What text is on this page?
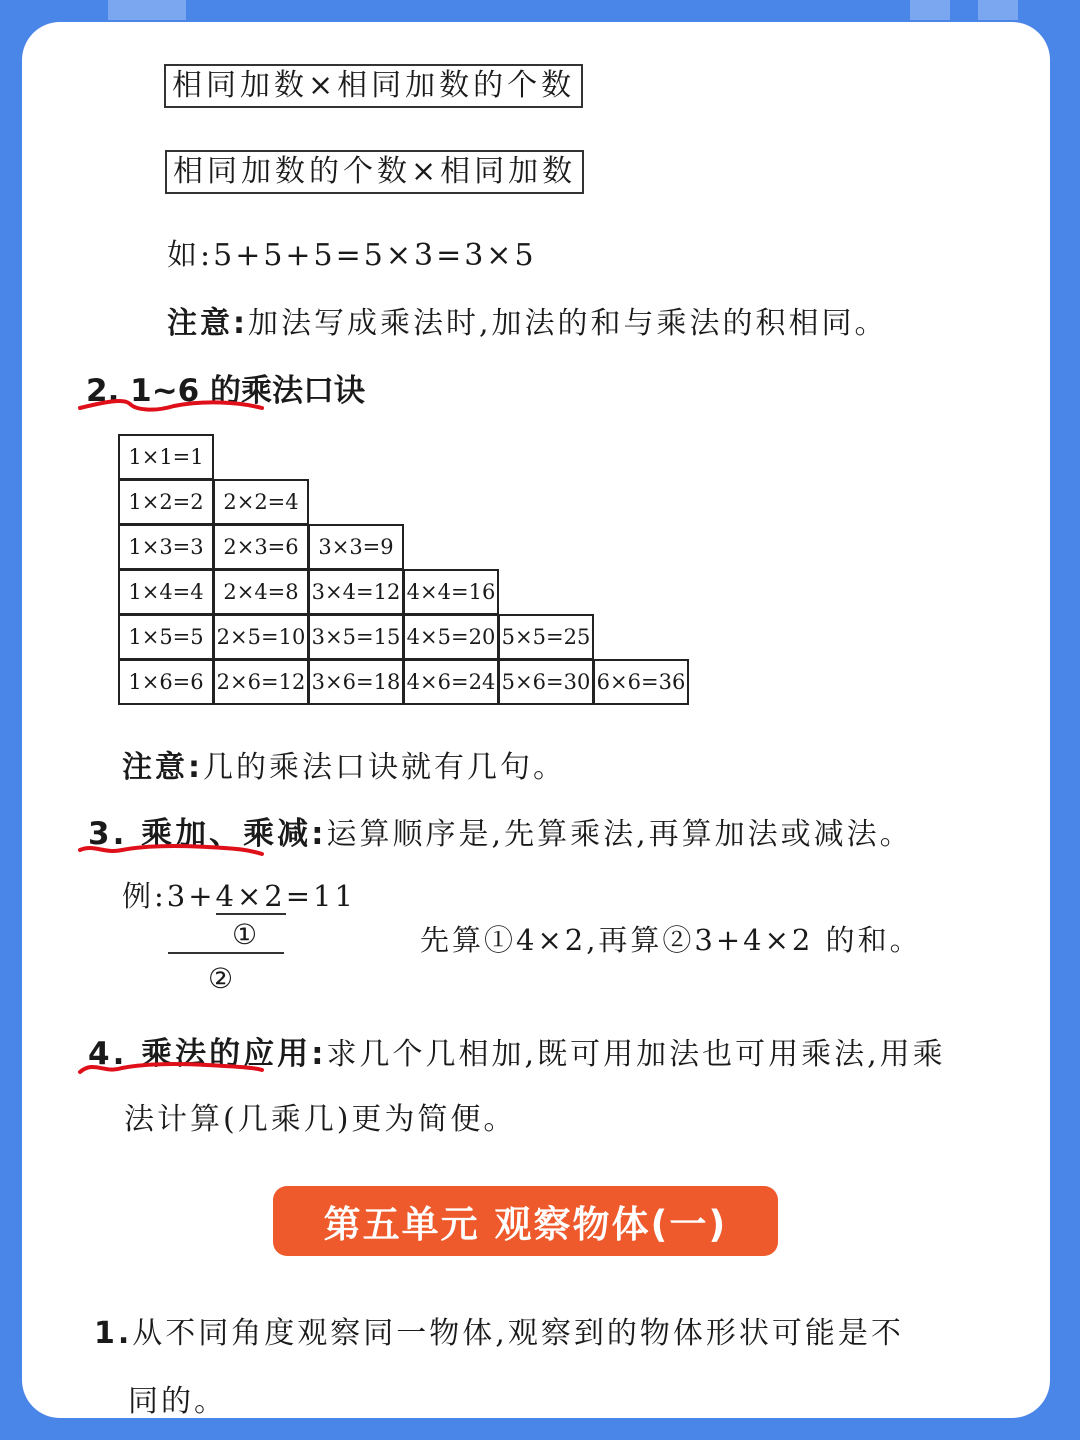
相同加数×相同加数的个数
相同加数的个数×相同加数
如:5+5+5=5×3=3×5
注意:加法写成乘法时,加法的和与乘法的积相同。
2. 1~6 的乘法口诀
1×1=1
1×2=2 2×2=4
1×3=3 2×3=6 3×3=9
1×4=4 2×4=8 3×4=12 4×4=16
1×5=5 2×5=10 3×5=15 4×5=20 5×5=25
1×6=6 2×6=12 3×6=18 4×6=24 5×6=30 6×6=36
注意:几的乘法口诀就有几句。
3. 乘加、乘减:运算顺序是,先算乘法,再算加法或减法。
例:3+4×2=11
①
②
先算①4×2,再算②3+4×2 的和。
4. 乘法的应用:求几个几相加,既可用加法也可用乘法,用乘
法计算(几乘几)更为简便。
第五单元 观察物体(一)
1.从不同角度观察同一物体,观察到的物体形状可能是不
同的。
